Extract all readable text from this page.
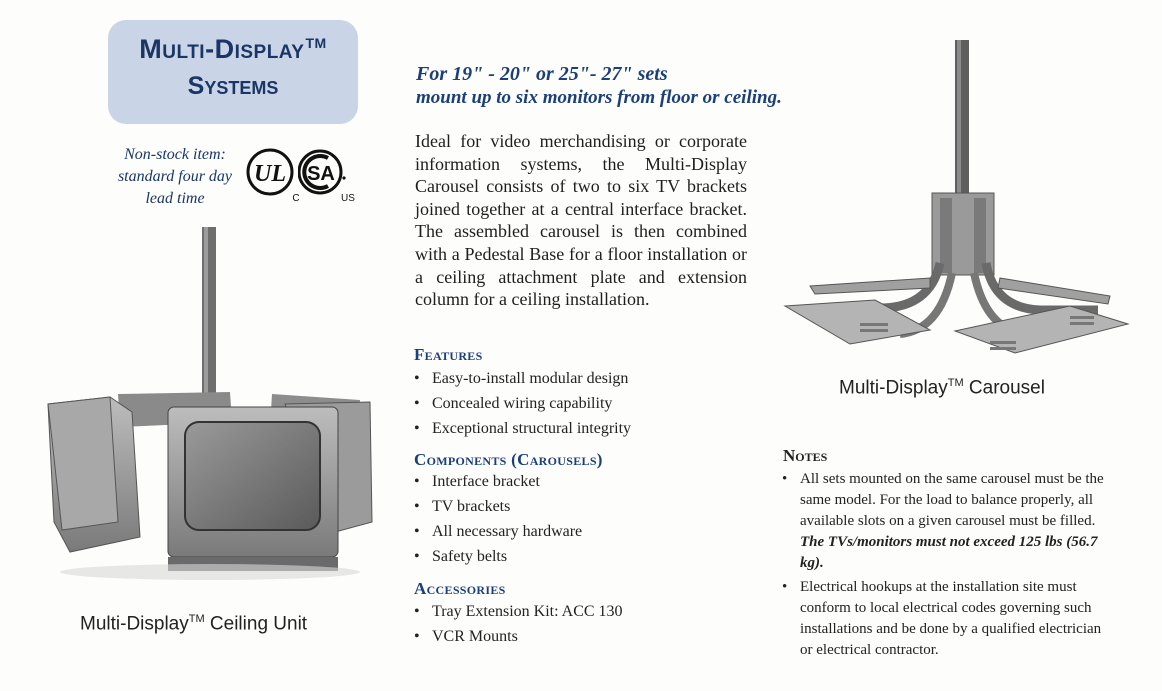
Multi-Display™
Systems
Non-stock item:
standard four day
lead time
UL
C
SA
US
Multi-Display™ Ceiling Unit
For 19" - 20" or 25"- 27" sets
mount up to six monitors from floor or ceiling.
Ideal for video merchandising or corporate information systems, the Multi-Display Carousel consists of two to six TV brackets joined together at a central interface bracket. The assembled carousel is then combined with a Pedestal Base for a floor installation or a ceiling attachment plate and extension column for a ceiling installation.
Features
• Easy-to-install modular design
• Concealed wiring capability
• Exceptional structural integrity
Components (Carousels)
• Interface bracket
• TV brackets
• All necessary hardware
• Safety belts
Accessories
• Tray Extension Kit: ACC 130
• VCR Mounts
Multi-Display™ Carousel
Notes
• All sets mounted on the same carousel must be the same model. For the load to balance properly, all available slots on a given carousel must be filled. The TVs/monitors must not exceed 125 lbs (56.7 kg).
• Electrical hookups at the installation site must conform to local electrical codes governing such installations and be done by a qualified electrician or electrical contractor.
